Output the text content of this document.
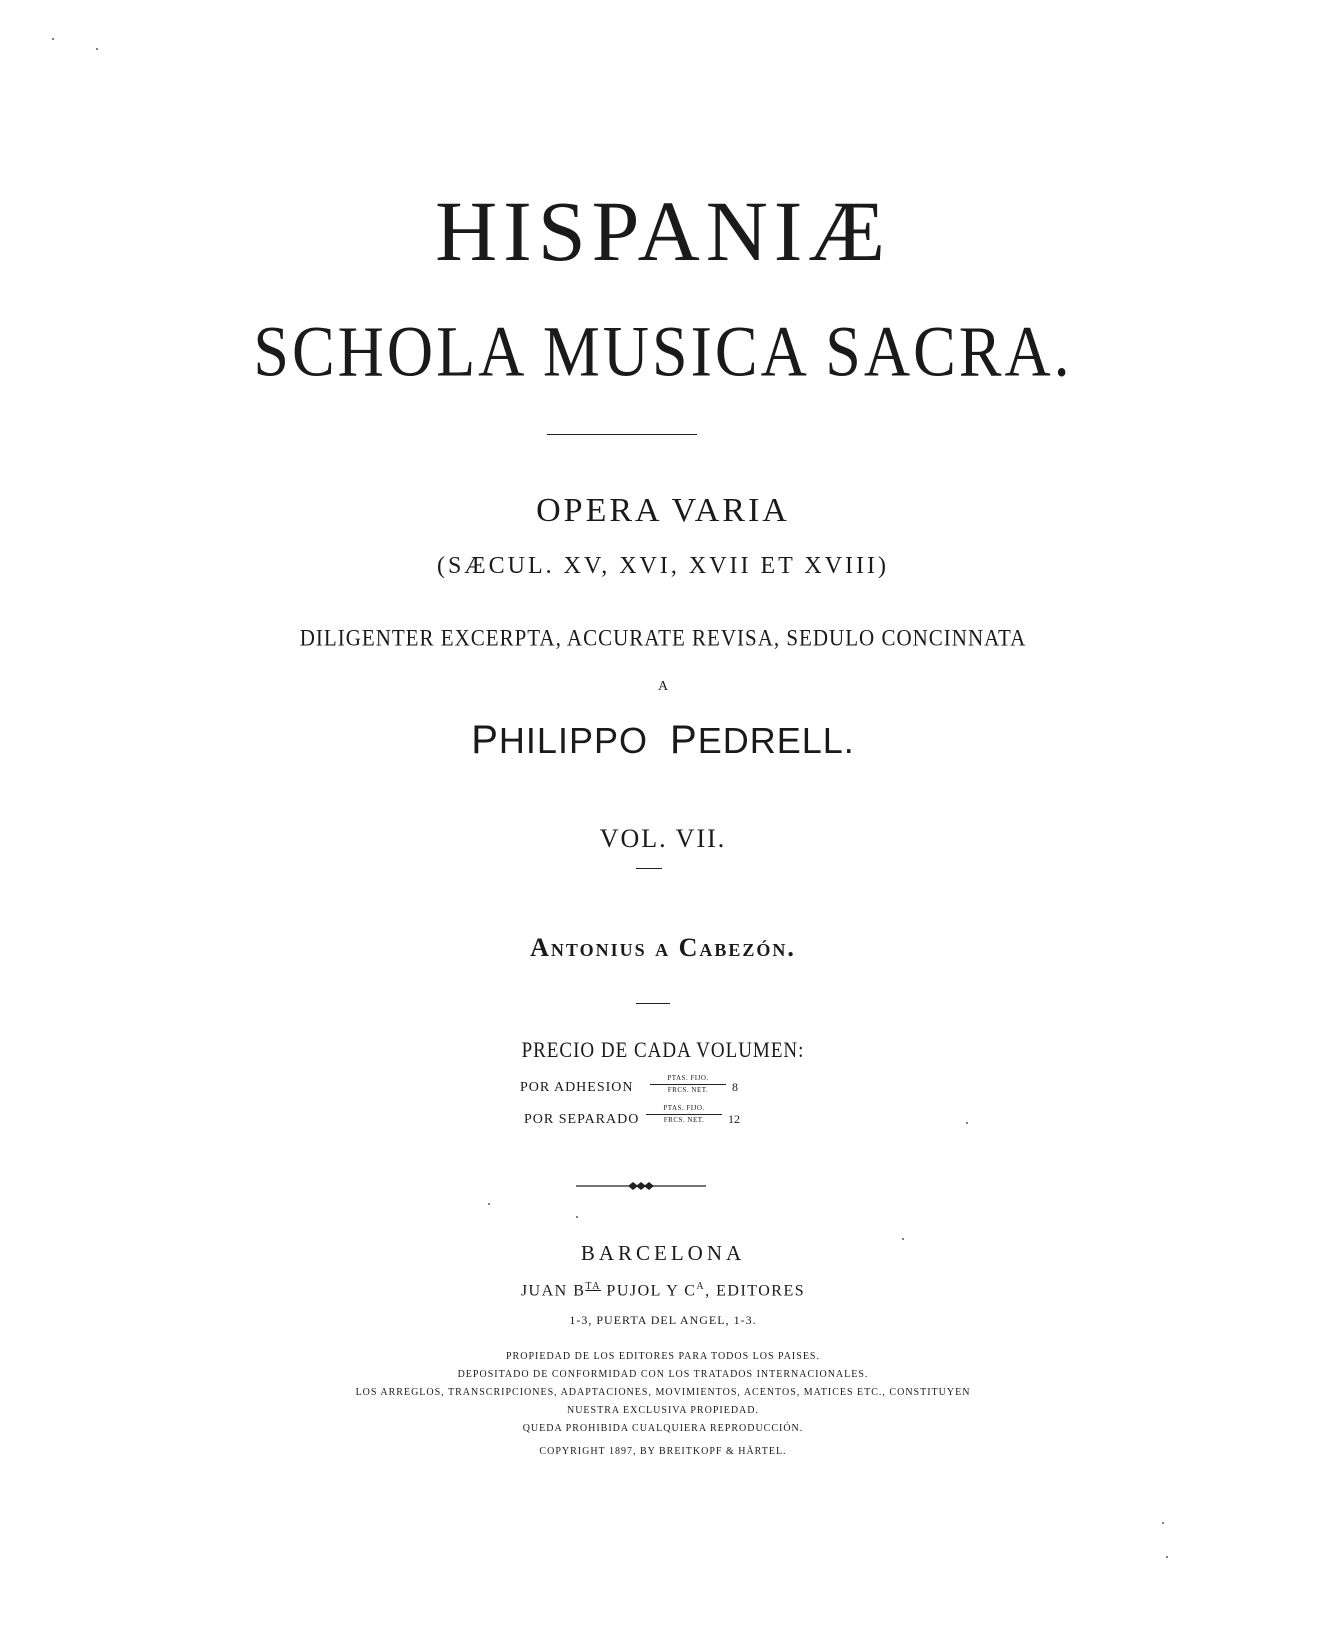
HISPANIÆ
SCHOLA MUSICA SACRA.
OPERA VARIA
(SÆCUL. XV, XVI, XVII ET XVIII)
DILIGENTER EXCERPTA, ACCURATE REVISA, SEDULO CONCINNATA
A
PHILIPPO PEDRELL.
VOL. VII.
Antonius a Cabezón.
PRECIO DE CADA VOLUMEN:
POR ADHESION
PTAS. FIJO.
FRCS. NET.	8
POR SEPARADO
PTAS. FIJO.
FRCS. NET.	12
BARCELONA
JUAN $B^{TA}$ PUJOL Y $C^A$, EDITORES
1-3, PUERTA DEL ANGEL, 1-3.
PROPIEDAD DE LOS EDITORES PARA TODOS LOS PAISES.
DEPOSITADO DE CONFORMIDAD CON LOS TRATADOS INTERNACIONALES.
LOS ARREGLOS, TRANSCRIPCIONES, ADAPTACIONES, MOVIMIENTOS, ACENTOS, MATICES ETC., CONSTITUYEN
NUESTRA EXCLUSIVA PROPIEDAD.
QUEDA PROHIBIDA CUALQUIERA REPRODUCCIÓN.
COPYRIGHT 1897, BY BREITKOPF & HÄRTEL.
